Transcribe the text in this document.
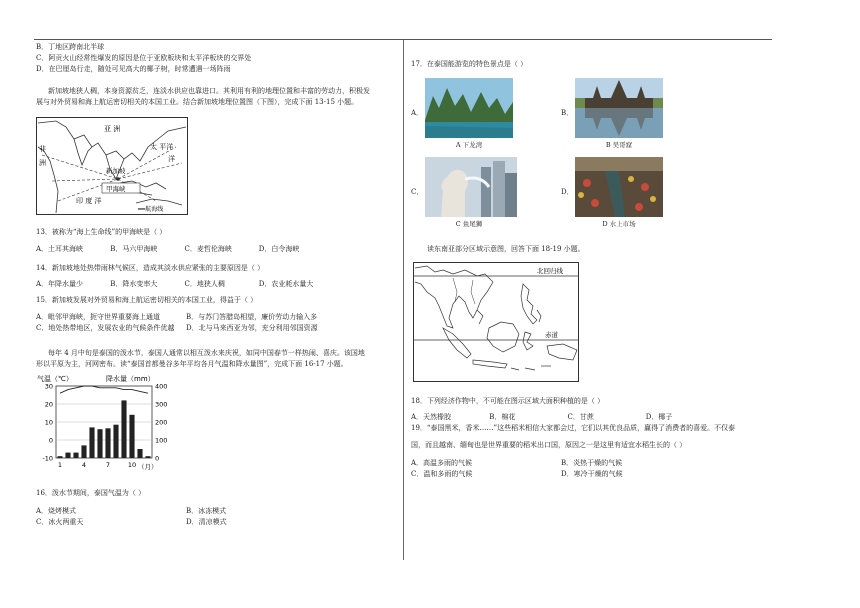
B．丁地区跨南北半球
C．阿贡火山经常性爆发的原因是位于亚欧板块和太平洋板块的交界处
D．在巴厘岛行走，随处可见高大的椰子树，时常遭遇一场阵雨
新加坡地狭人稠，本身资源贫乏，连淡水供应也靠进口。其利用有利的地理位置和丰富的劳动力，积极发
展与对外贸易和海上航运密切相关的本国工业。结合新加坡地理位置图（下图），完成下面 13-15 小题。
亚 洲
非
洲
太 平洋
洋
新加坡
甲海峡
印 度 洋
━━航海线
13．被称为“海上生命线”的甲海峡是（ ）
A．土耳其海峡	B．马六甲海峡	C．麦哲伦海峡	D．白令海峡
14．新加坡地处热带雨林气候区，造成其淡水供应紧张的主要原因是（ ）
A．年降水量少	B．降水变率大	C．地狭人稠	D．农业耗水量大
15．新加坡发展对外贸易和海上航运密切相关的本国工业，得益于（ ）
A．毗邻甲海峡，扼守世界重要海上通道	B．与苏门答腊岛相望，廉价劳动力输入多
C．地处热带地区，发展农业的气候条件优越 D．北与马来西亚为邻，充分利用邻国资源
每年 4 月中旬是泰国的泼水节，泰国人通常以相互泼水来庆祝，如同中国春节一样热闹、喜庆。该国地
形以平原为主，河网密布。读“泰国首都曼谷多年平均各月气温和降水量图”，完成下面 16-17 小题。
气温（℃）	降水量（mm）
30
20
10
0
-10
400
300
200
100
0
1	4	7	10 （月）
16．泼水节期间，泰国气温为（ ）
A．烧烤模式	B．冰冻模式
C．冰火两重天	D．清凉模式
17．在泰国能游览的特色景点是（ ）
A．
A 下龙湾
B．
B 吴哥窟
C．
C 鱼尾狮
D．
D 水上市场
读东南亚部分区域示意图，回答下面 18-19 小题。
北回归线
赤道
18．下列经济作物中，不可能在图示区域大面积种植的是（ ）
A．天然橡胶	B．棉花	C．甘蔗	D．椰子
19．“泰国黑米，香米……”这些稻米相信大家都会过，它们以其优良品质，赢得了消费者的喜爱。不仅泰
国，而且越南、缅甸也是世界重要的稻米出口国，原因之一是这里有适宜水稻生长的（ ）
A．高温多雨的气候	B．炎热干燥的气候
C．温和多雨的气候	D．寒冷干燥的气候
